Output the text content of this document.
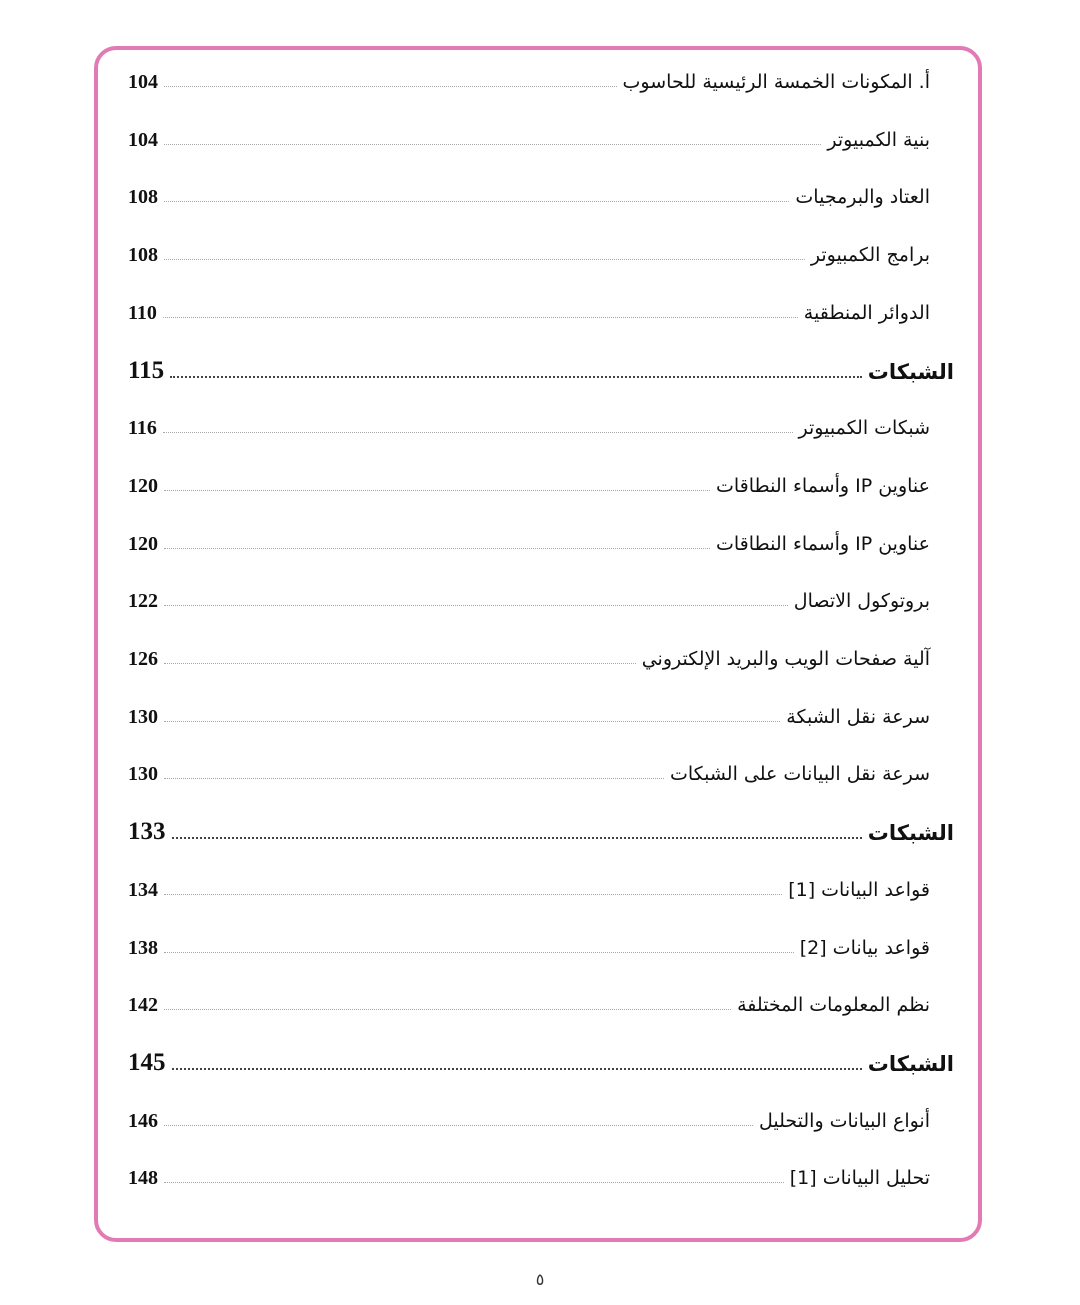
104	أ. المكونات الخمسة الرئيسية للحاسوب
104	بنية الكمبيوتر
108	العتاد والبرمجيات
108	برامج الكمبيوتر
110	الدوائر المنطقية
115	الشبكات
116	شبكات الكمبيوتر
120	عناوين IP وأسماء النطاقات
120	عناوين IP وأسماء النطاقات
122	بروتوكول الاتصال
126	آلية صفحات الويب والبريد الإلكتروني
130	سرعة نقل الشبكة
130	سرعة نقل البيانات على الشبكات
133	الشبكات
134	قواعد البيانات [1]
138	قواعد بيانات [2]
142	نظم المعلومات المختلفة
145	الشبكات
146	أنواع البيانات والتحليل
148	تحليل البيانات [1]
٥
